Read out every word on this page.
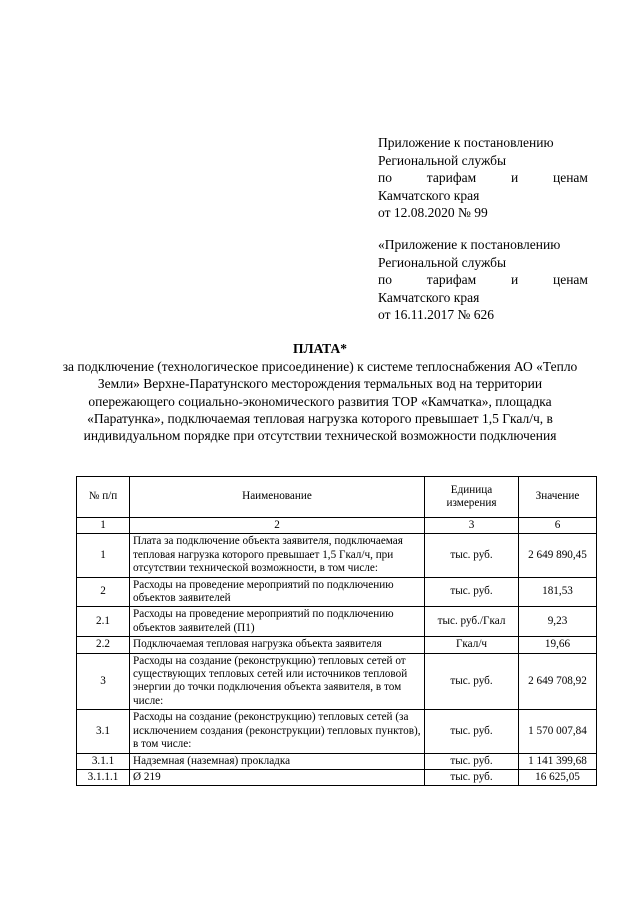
Приложение к постановлению
Региональной службы
по	тарифам	и	ценам
Камчатского края
от 12.08.2020 № 99
«Приложение к постановлению
Региональной службы
по	тарифам	и	ценам
Камчатского края
от 16.11.2017 № 626
ПЛАТА*
за подключение (технологическое присоединение) к системе теплоснабжения АО «Тепло Земли» Верхне-Паратунского месторождения термальных вод на территории опережающего социально-экономического развития ТОР «Камчатка», площадка «Паратунка», подключаемая тепловая нагрузка которого превышает 1,5 Гкал/ч, в индивидуальном порядке при отсутствии технической возможности подключения
№ п/п	Наименование	Единица измерения	Значение
1	2	3	6
1	Плата за подключение объекта заявителя, подключаемая тепловая нагрузка которого превышает 1,5 Гкал/ч, при отсутствии технической возможности, в том числе:	тыс. руб.	2 649 890,45
2	Расходы на проведение мероприятий по подключению объектов заявителей	тыс. руб.	181,53
2.1	Расходы на проведение мероприятий по подключению объектов заявителей (П1)	тыс. руб./Гкал	9,23
2.2	Подключаемая тепловая нагрузка объекта заявителя	Гкал/ч	19,66
3	Расходы на создание (реконструкцию) тепловых сетей от существующих тепловых сетей или источников тепловой энергии до точки подключения объекта заявителя, в том числе:	тыс. руб.	2 649 708,92
3.1	Расходы на создание (реконструкцию) тепловых сетей (за исключением создания (реконструкции) тепловых пунктов), в том числе:	тыс. руб.	1 570 007,84
3.1.1	Надземная (наземная) прокладка	тыс. руб.	1 141 399,68
3.1.1.1	Ø 219	тыс. руб.	16 625,05
